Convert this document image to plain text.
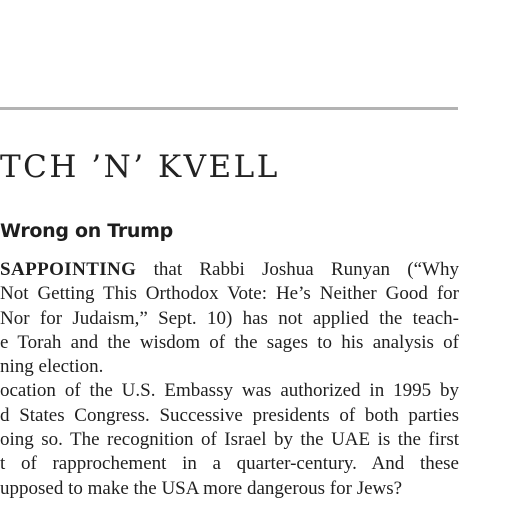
TCH ’N’ KVELL
Wrong on Trump
SAPPOINTING that Rabbi Joshua Runyan (“Why
Not Getting This Orthodox Vote: He’s Neither Good for
Nor for Judaism,” Sept. 10) has not applied the teach-
e Torah and the wisdom of the sages to his analysis of
ning election.
ocation of the U.S. Embassy was authorized in 1995 by
d States Congress. Successive presidents of both parties
oing so. The recognition of Israel by the UAE is the first
t of rapprochement in a quarter-century. And these
upposed to make the USA more dangerous for Jews?
